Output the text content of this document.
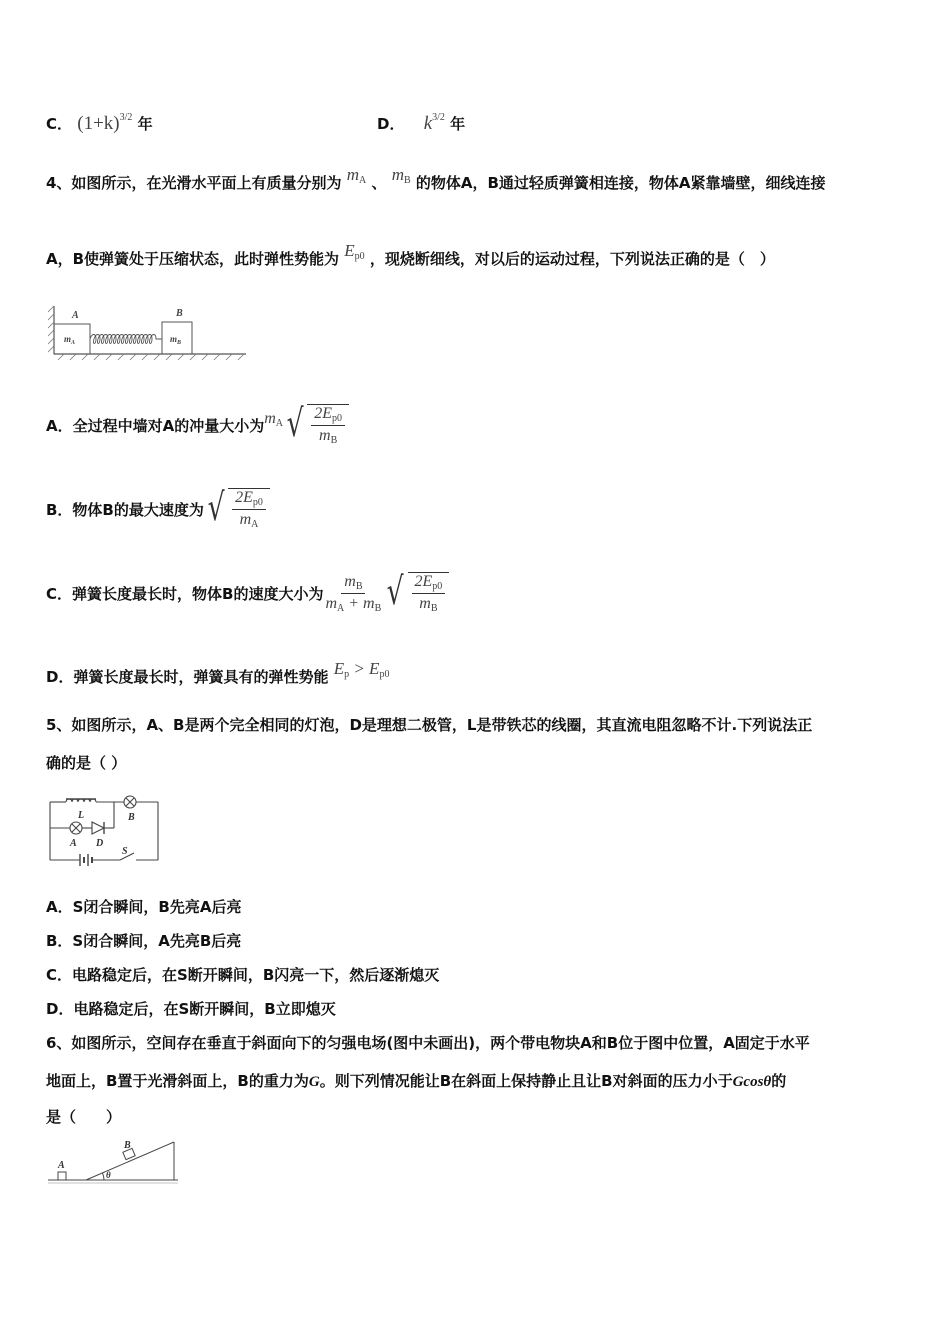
C． $(1+k)^{3/2}$ 年	D． $k^{3/2}$ 年
4、如图所示，在光滑水平面上有质量分别为 $m_A$ 、 $m_B$ 的物体A，B通过轻质弹簧相连接，物体A紧靠墙壁，细线连接
A，B使弹簧处于压缩状态，此时弹性势能为 $E_{p0}$ ，现烧断细线，对以后的运动过程，下列说法正确的是（　）
A	B
$m_A$	$m_B$
A．全过程中墙对A的冲量大小为 $m_A$ √ $\frac{2E_{p0}}{m_B}$
B．物体B的最大速度为 √ $\frac{2E_{p0}}{m_A}$
C．弹簧长度最长时，物体B的速度大小为 $\frac{m_B}{m_A + m_B}$ √ $\frac{2E_{p0}}{m_B}$
D．弹簧长度最长时，弹簧具有的弹性势能 $E_p > E_{p0}$
5、如图所示，A、B是两个完全相同的灯泡，D是理想二极管，L是带铁芯的线圈，其直流电阻忽略不计.下列说法正
确的是（ ）
L
A D
B
S
A．S闭合瞬间，B先亮A后亮
B．S闭合瞬间，A先亮B后亮
C．电路稳定后，在S断开瞬间，B闪亮一下，然后逐渐熄灭
D．电路稳定后，在S断开瞬间，B立即熄灭
6、如图所示，空间存在垂直于斜面向下的匀强电场(图中未画出)，两个带电物块A和B位于图中位置，A固定于水平
地面上，B置于光滑斜面上，B的重力为G。则下列情况能让B在斜面上保持静止且让B对斜面的压力小于Gcosθ的
是（　　）
A
B
θ
